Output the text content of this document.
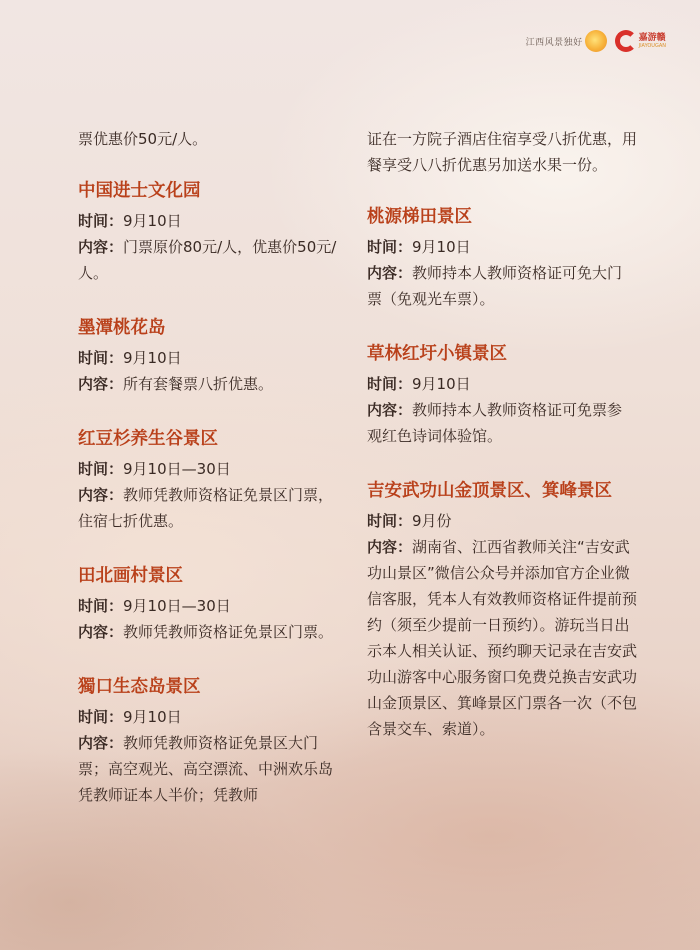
江西风景独好	嘉游赣
JIAYOUGAN

票优惠价50元/人。

中国进士文化园

时间：9月10日

内容：门票原价80元/人，优惠价50元/人。

墨潭桃花岛

时间：9月10日

内容：所有套餐票八折优惠。

红豆杉养生谷景区

时间：9月10日—30日

内容：教师凭教师资格证免景区门票，住宿七折优惠。

田北画村景区

时间：9月10日—30日

内容：教师凭教师资格证免景区门票。

獨口生态岛景区

时间：9月10日

内容：教师凭教师资格证免景区大门票；高空观光、高空漂流、中洲欢乐岛凭教师证本人半价；凭教师

证在一方院子酒店住宿享受八折优惠，用餐享受八八折优惠另加送水果一份。

桃源梯田景区

时间：9月10日

内容：教师持本人教师资格证可免大门票（免观光车票）。

草林红圩小镇景区

时间：9月10日

内容：教师持本人教师资格证可免票参观红色诗词体验馆。

吉安武功山金顶景区、箕峰景区

时间：9月份

内容：湖南省、江西省教师关注“吉安武功山景区”微信公众号并添加官方企业微信客服，凭本人有效教师资格证件提前预约（须至少提前一日预约）。游玩当日出示本人相关认证、预约聊天记录在吉安武功山游客中心服务窗口免费兑换吉安武功山金顶景区、箕峰景区门票各一次（不包含景交车、索道）。
